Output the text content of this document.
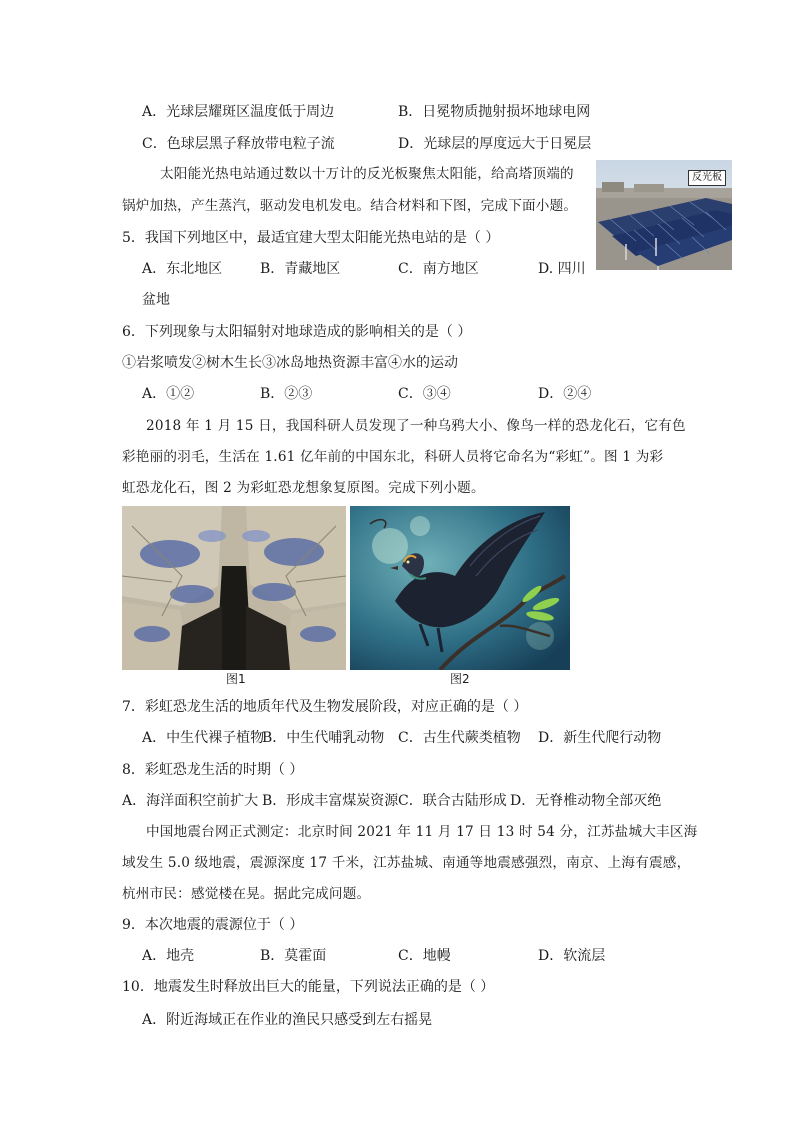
A．光球层耀斑区温度低于周边	B．日冕物质抛射损坏地球电网
C．色球层黑子释放带电粒子流	D．光球层的厚度远大于日冕层
太阳能光热电站通过数以十万计的反光板聚焦太阳能，给高塔顶端的
锅炉加热，产生蒸汽，驱动发电机发电。结合材料和下图，完成下面小题。
反光板
5．我国下列地区中，最适宜建大型太阳能光热电站的是（ ）
A．东北地区	B．青藏地区	C．南方地区	D. 四川
盆地
6．下列现象与太阳辐射对地球造成的影响相关的是（ ）
①岩浆喷发②树木生长③冰岛地热资源丰富④水的运动
A．①②	B．②③	C．③④	D．②④
2018 年 1 月 15 日，我国科研人员发现了一种乌鸦大小、像鸟一样的恐龙化石，它有色
彩艳丽的羽毛，生活在 1.61 亿年前的中国东北，科研人员将它命名为“彩虹”。图 1 为彩
虹恐龙化石，图 2 为彩虹恐龙想象复原图。完成下列小题。
图1	图2
7．彩虹恐龙生活的地质年代及生物发展阶段，对应正确的是（ ）
A．中生代裸子植物
B．中生代哺乳动物 C．古生代蕨类植物 D．新生代爬行动物
8．彩虹恐龙生活的时期（ ）
A．海洋面积空前扩大 B．形成丰富煤炭资源 C．联合古陆形成 D．无脊椎动物全部灭绝
中国地震台网正式测定：北京时间 2021 年 11 月 17 日 13 时 54 分，江苏盐城大丰区海
域发生 5.0 级地震，震源深度 17 千米，江苏盐城、南通等地震感强烈，南京、上海有震感，
杭州市民：感觉楼在晃。据此完成问题。
9．本次地震的震源位于（ ）
A．地壳	B．莫霍面	C．地幔	D．软流层
10．地震发生时释放出巨大的能量，下列说法正确的是（ ）
A．附近海域正在作业的渔民只感受到左右摇晃
